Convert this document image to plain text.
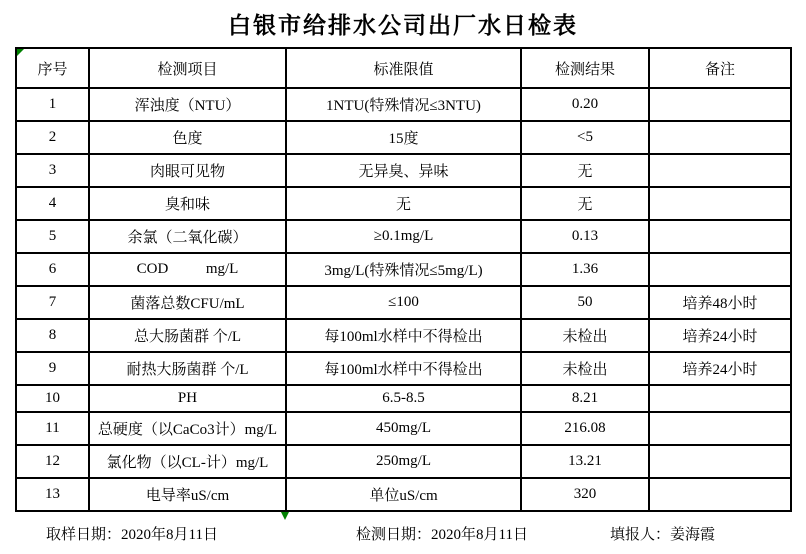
白银市给排水公司出厂水日检表
序号	检测项目	标准限值	检测结果	备注
1	浑浊度（NTU）	1NTU(特殊情况≤3NTU)	0.20	
2	色度	15度	<5	
3	肉眼可见物	无异臭、异味	无	
4	臭和味	无	无	
5	余氯（二氧化碳）	≥0.1mg/L	0.13	
6	COD          mg/L	3mg/L(特殊情况≤5mg/L)	1.36	
7	菌落总数CFU/mL	≤100	50	培养48小时
8	总大肠菌群 个/L	每100ml水样中不得检出	未检出	培养24小时
9	耐热大肠菌群 个/L	每100ml水样中不得检出	未检出	培养24小时
10	PH	6.5-8.5	8.21	
11	总硬度（以CaCo3计）mg/L	450mg/L	216.08	
12	氯化物（以CL-计）mg/L	250mg/L	13.21	
13	电导率uS/cm	单位uS/cm	320	
取样日期：2020年8月11日	检测日期：2020年8月11日	填报人：姜海霞
